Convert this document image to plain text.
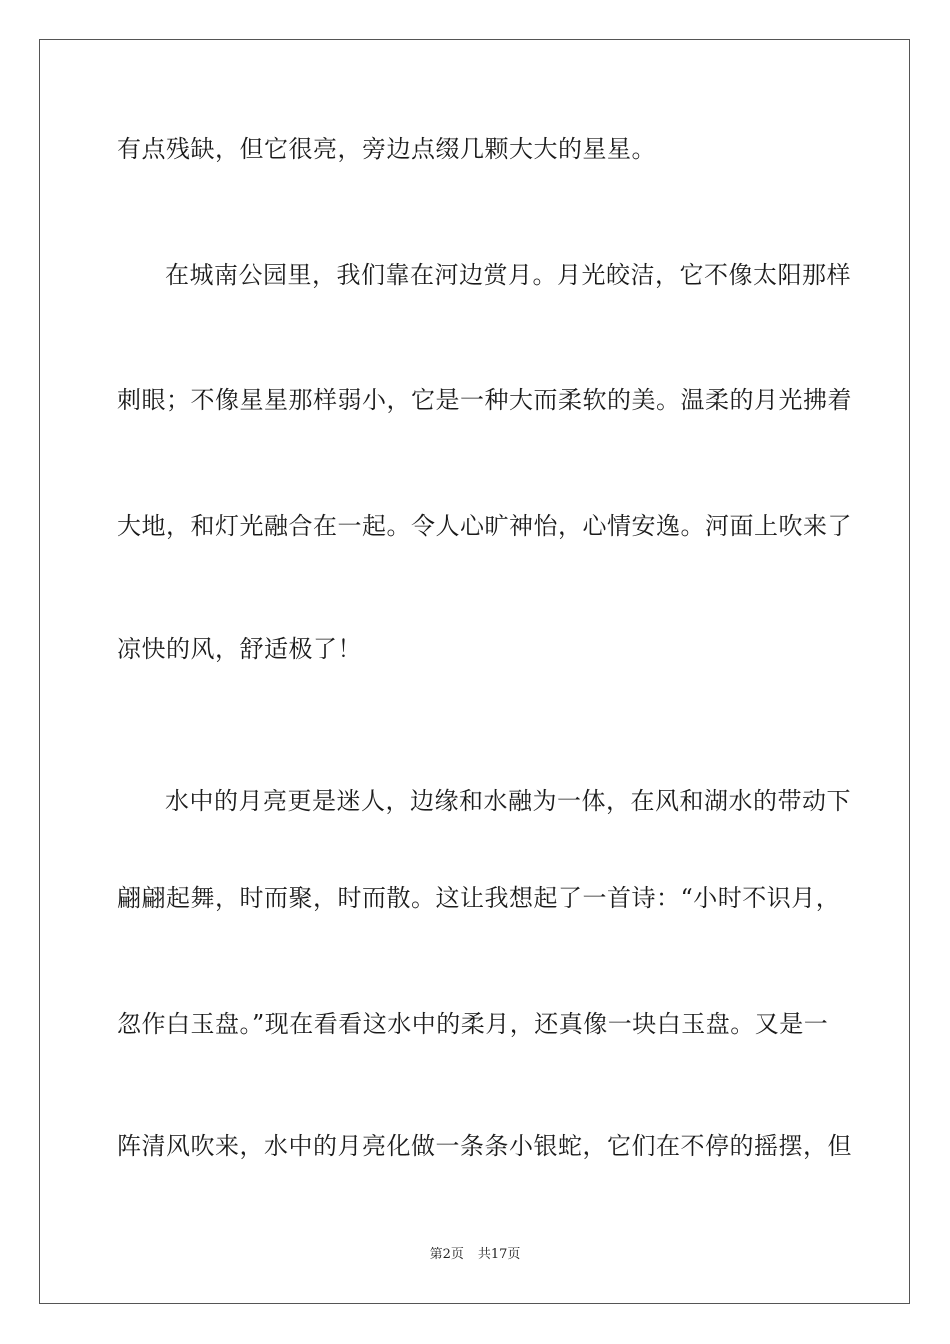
有点残缺，但它很亮，旁边点缀几颗大大的星星。
在城南公园里，我们靠在河边赏月。月光皎洁，它不像太阳那样
刺眼；不像星星那样弱小，它是一种大而柔软的美。温柔的月光拂着
大地，和灯光融合在一起。令人心旷神怡，心情安逸。河面上吹来了
凉快的风，舒适极了！
水中的月亮更是迷人，边缘和水融为一体，在风和湖水的带动下
翩翩起舞，时而聚，时而散。这让我想起了一首诗：“小时不识月，
忽作白玉盘。”现在看看这水中的柔月，还真像一块白玉盘。又是一
阵清风吹来，水中的月亮化做一条条小银蛇，它们在不停的摇摆，但
第2页 共17页
